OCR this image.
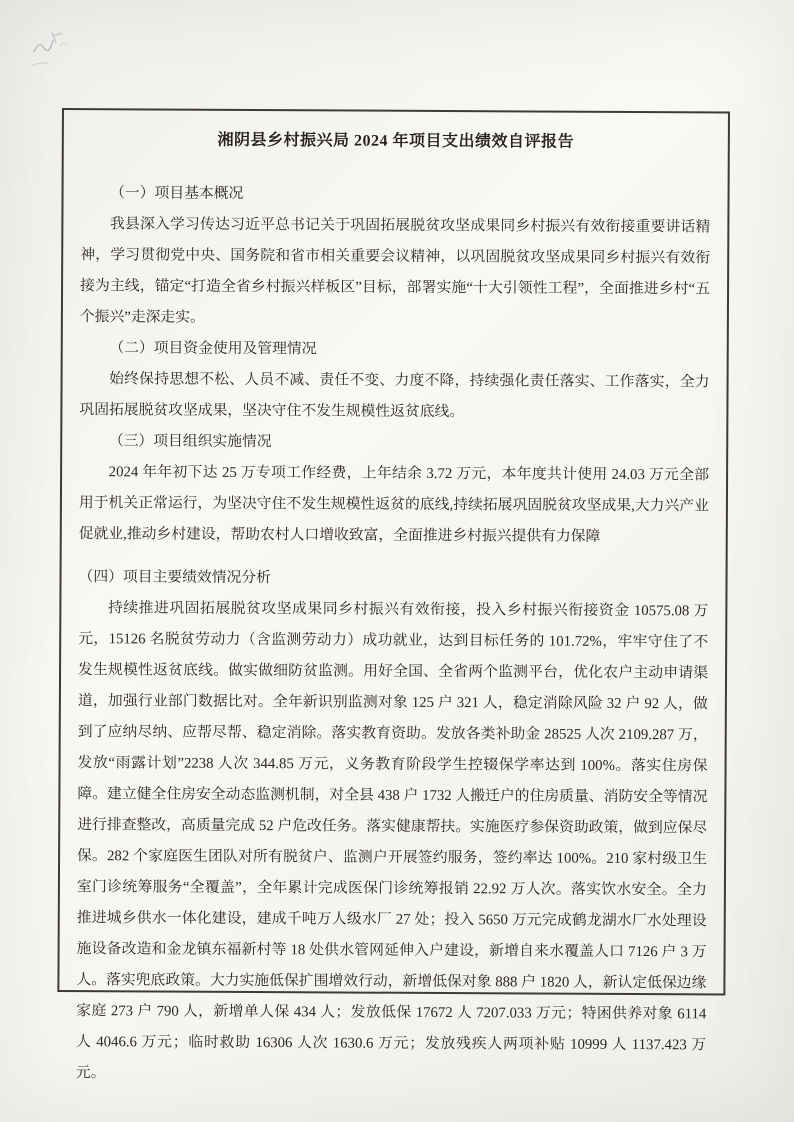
湘阴县乡村振兴局 2024 年项目支出绩效自评报告

（一）项目基本概况

我县深入学习传达习近平总书记关于巩固拓展脱贫攻坚成果同乡村振兴有效衔接重要讲话精神，学习贯彻党中央、国务院和省市相关重要会议精神，以巩固脱贫攻坚成果同乡村振兴有效衔接为主线，锚定“打造全省乡村振兴样板区”目标，部署实施“十大引领性工程”，全面推进乡村“五个振兴”走深走实。

（二）项目资金使用及管理情况

始终保持思想不松、人员不减、责任不变、力度不降，持续强化责任落实、工作落实，全力巩固拓展脱贫攻坚成果，坚决守住不发生规模性返贫底线。

（三）项目组织实施情况

2024 年年初下达 25 万专项工作经费，上年结余 3.72 万元，本年度共计使用 24.03 万元全部用于机关正常运行，为坚决守住不发生规模性返贫的底线,持续拓展巩固脱贫攻坚成果,大力兴产业促就业,推动乡村建设，帮助农村人口增收致富，全面推进乡村振兴提供有力保障

（四）项目主要绩效情况分析

持续推进巩固拓展脱贫攻坚成果同乡村振兴有效衔接，投入乡村振兴衔接资金 10575.08 万元，15126 名脱贫劳动力（含监测劳动力）成功就业，达到目标任务的 101.72%，牢牢守住了不发生规模性返贫底线。做实做细防贫监测。用好全国、全省两个监测平台，优化农户主动申请渠道，加强行业部门数据比对。全年新识别监测对象 125 户 321 人，稳定消除风险 32 户 92 人，做到了应纳尽纳、应帮尽帮、稳定消除。落实教育资助。发放各类补助金 28525 人次 2109.287 万，发放“雨露计划”2238 人次 344.85 万元，义务教育阶段学生控辍保学率达到 100%。落实住房保障。建立健全住房安全动态监测机制，对全县 438 户 1732 人搬迁户的住房质量、消防安全等情况进行排查整改，高质量完成 52 户危改任务。落实健康帮扶。实施医疗参保资助政策，做到应保尽保。282 个家庭医生团队对所有脱贫户、监测户开展签约服务，签约率达 100%。210 家村级卫生室门诊统筹服务“全覆盖”，全年累计完成医保门诊统筹报销 22.92 万人次。落实饮水安全。全力推进城乡供水一体化建设，建成千吨万人级水厂 27 处；投入 5650 万元完成鹤龙湖水厂水处理设施设备改造和金龙镇东福新村等 18 处供水管网延伸入户建设，新增自来水覆盖人口 7126 户 3 万人。落实兜底政策。大力实施低保扩围增效行动，新增低保对象 888 户 1820 人，新认定低保边缘家庭 273 户 790 人，新增单人保 434 人；发放低保 17672 人 7207.033 万元；特困供养对象 6114 人 4046.6 万元；临时救助 16306 人次 1630.6 万元；发放残疾人两项补贴 10999 人 1137.423 万元。
